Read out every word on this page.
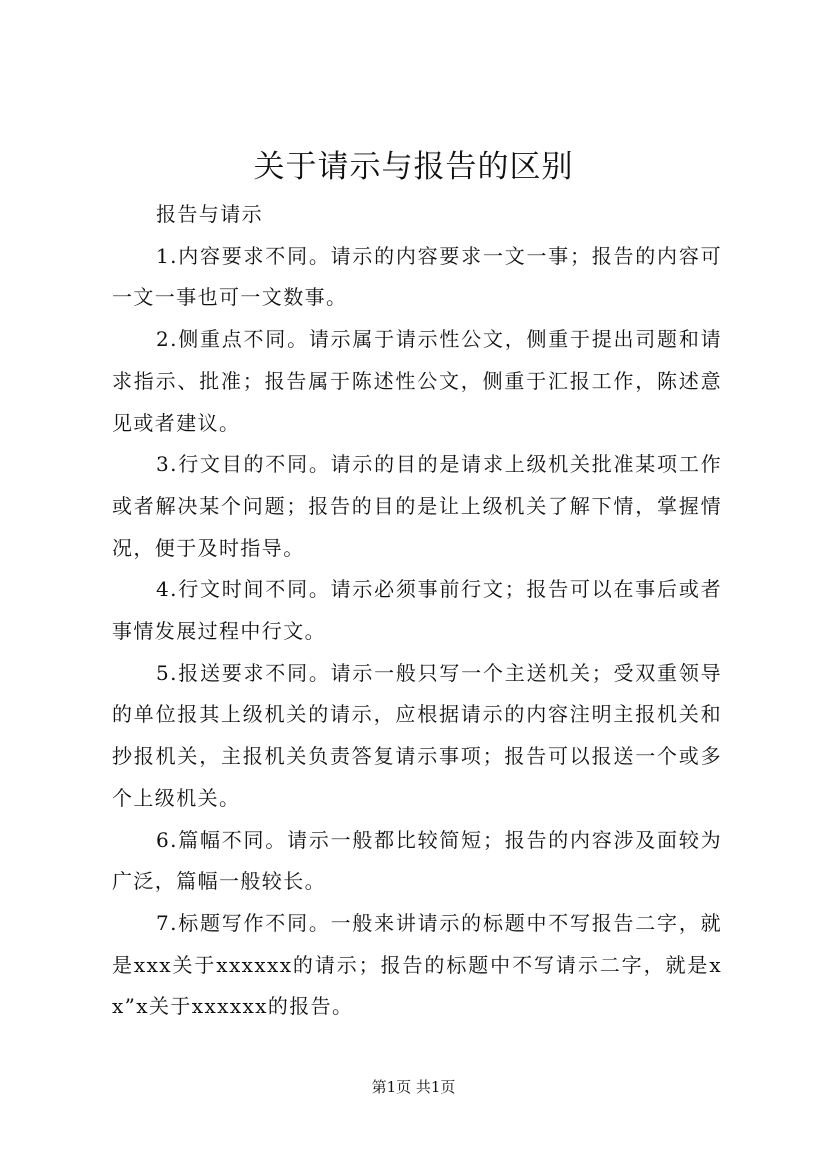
关于请示与报告的区别

报告与请示

1.内容要求不同。请示的内容要求一文一事；报告的内容可一文一事也可一文数事。

2.侧重点不同。请示属于请示性公文，侧重于提出司题和请求指示、批准；报告属于陈述性公文，侧重于汇报工作，陈述意见或者建议。

3.行文目的不同。请示的目的是请求上级机关批准某项工作或者解决某个问题；报告的目的是让上级机关了解下情，掌握情况，便于及时指导。

4.行文时间不同。请示必须事前行文；报告可以在事后或者事情发展过程中行文。

5.报送要求不同。请示一般只写一个主送机关；受双重领导的单位报其上级机关的请示，应根据请示的内容注明主报机关和抄报机关，主报机关负责答复请示事项；报告可以报送一个或多个上级机关。

6.篇幅不同。请示一般都比较简短；报告的内容涉及面较为广泛，篇幅一般较长。

7.标题写作不同。一般来讲请示的标题中不写报告二字，就是xxx关于xxxxxx的请示；报告的标题中不写请示二字，就是xx”x关于xxxxxx的报告。

第1页 共1页
